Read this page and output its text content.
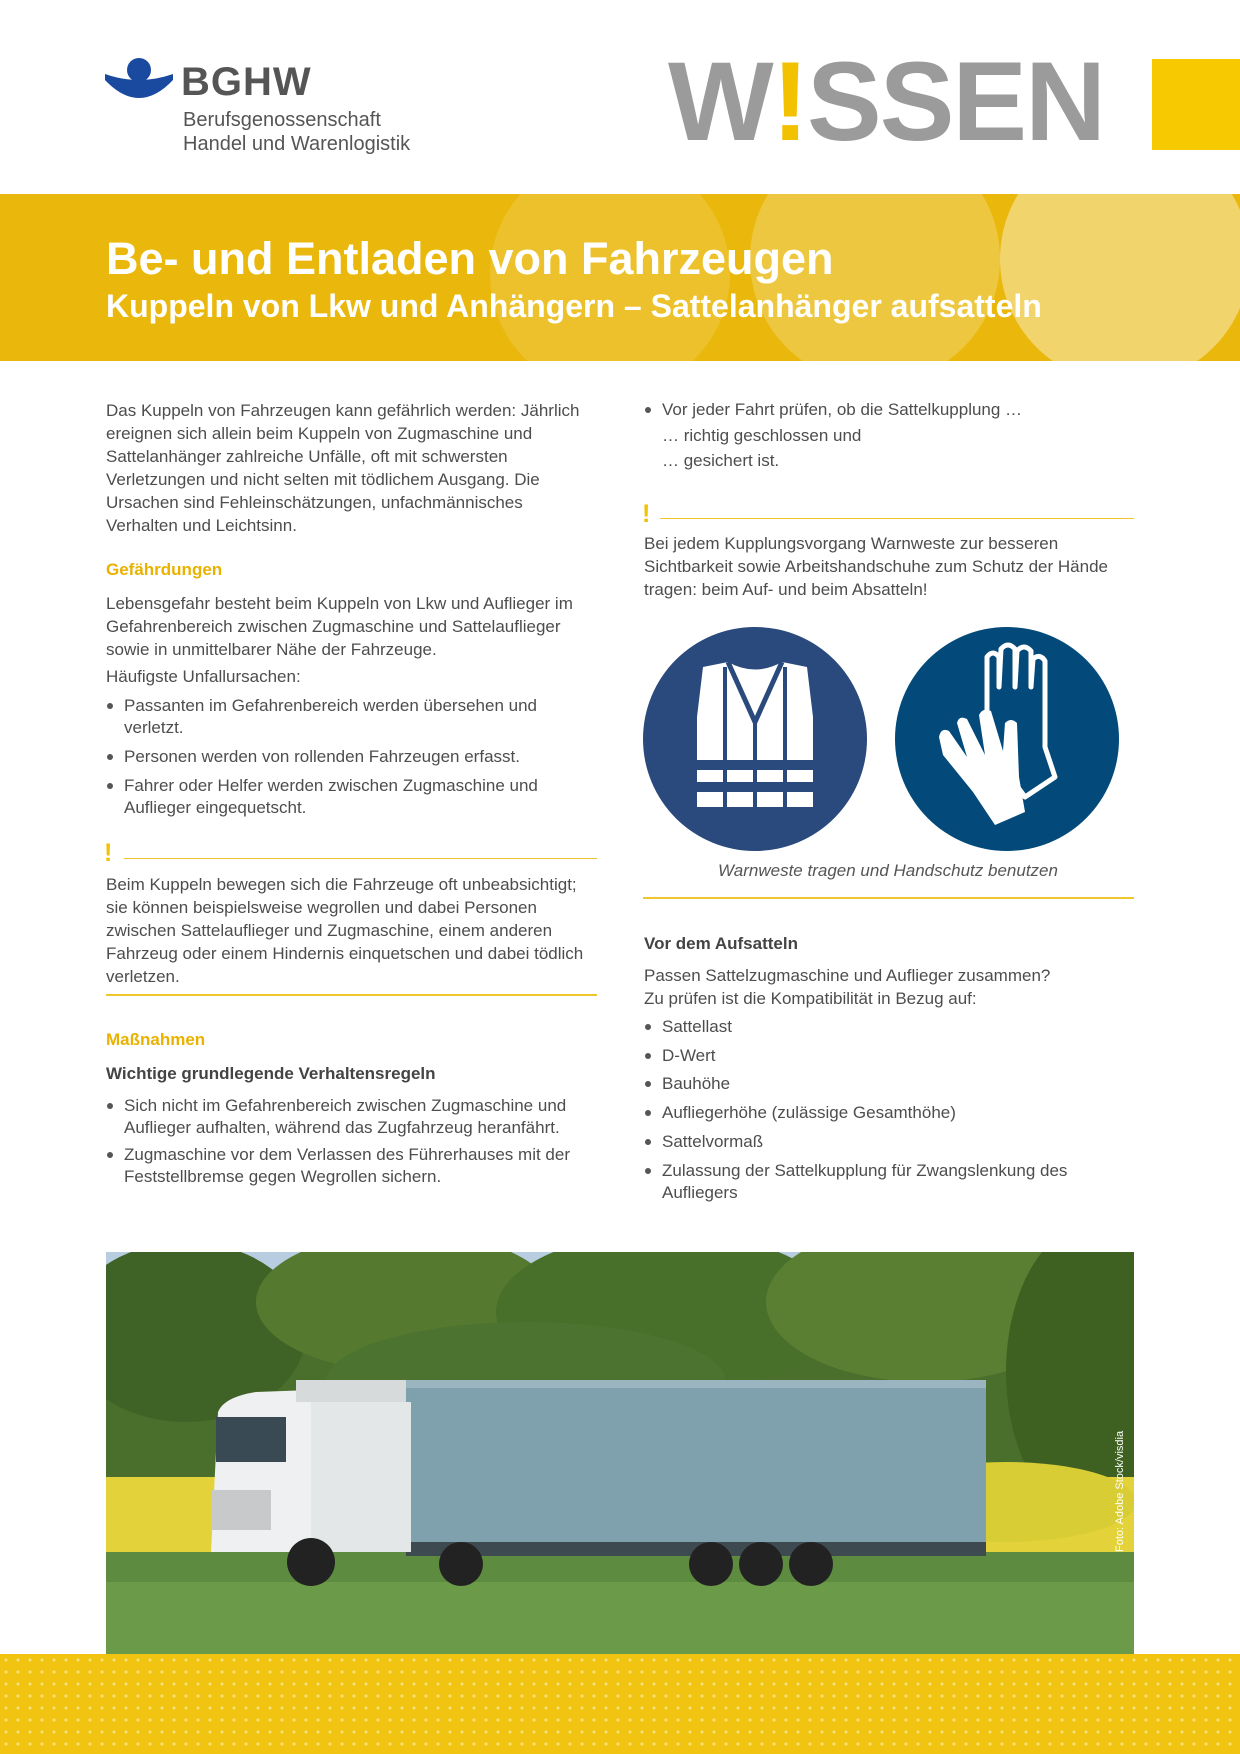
BGHW
Berufsgenossenschaft
Handel und Warenlogistik W!SSEN
Be- und Entladen von Fahrzeugen
Kuppeln von Lkw und Anhängern – Sattelanhänger aufsatteln
Das Kuppeln von Fahrzeugen kann gefährlich werden: Jährlich ereignen sich allein beim Kuppeln von Zugmaschine und Sattelanhänger zahlreiche Unfälle, oft mit schwersten Verletzungen und nicht selten mit tödlichem Ausgang. Die Ursachen sind Fehleinschätzungen, unfachmännisches Verhalten und Leichtsinn.
Gefährdungen
Lebensgefahr besteht beim Kuppeln von Lkw und Auflieger im Gefahrenbereich zwischen Zugmaschine und Sattelauflieger sowie in unmittelbarer Nähe der Fahrzeuge.
Häufigste Unfallursachen:
Passanten im Gefahrenbereich werden übersehen und verletzt.
Personen werden von rollenden Fahrzeugen erfasst.
Fahrer oder Helfer werden zwischen Zugmaschine und Auflieger eingequetscht.
!
Beim Kuppeln bewegen sich die Fahrzeuge oft unbeabsichtigt; sie können beispielsweise wegrollen und dabei Personen zwischen Sattelauflieger und Zugmaschine, einem anderen Fahrzeug oder einem Hindernis einquetschen und dabei tödlich verletzen.
Maßnahmen
Wichtige grundlegende Verhaltensregeln
Sich nicht im Gefahrenbereich zwischen Zugmaschine und Auflieger aufhalten, während das Zugfahrzeug heranfährt.
Zugmaschine vor dem Verlassen des Führerhauses mit der Feststellbremse gegen Wegrollen sichern.
Vor jeder Fahrt prüfen, ob die Sattelkupplung …
… richtig geschlossen und
… gesichert ist.
!
Bei jedem Kupplungsvorgang Warnweste zur besseren Sichtbarkeit sowie Arbeitshandschuhe zum Schutz der Hände tragen: beim Auf- und beim Absatteln!
Warnweste tragen und Handschutz benutzen
Vor dem Aufsatteln
Passen Sattelzugmaschine und Auflieger zusammen? Zu prüfen ist die Kompatibilität in Bezug auf:
Sattellast
D-Wert
Bauhöhe
Aufliegerhöhe (zulässige Gesamthöhe)
Sattelvormaß
Zulassung der Sattelkupplung für Zwangslenkung des Aufliegers
Foto: Adobe Stock/visdia
